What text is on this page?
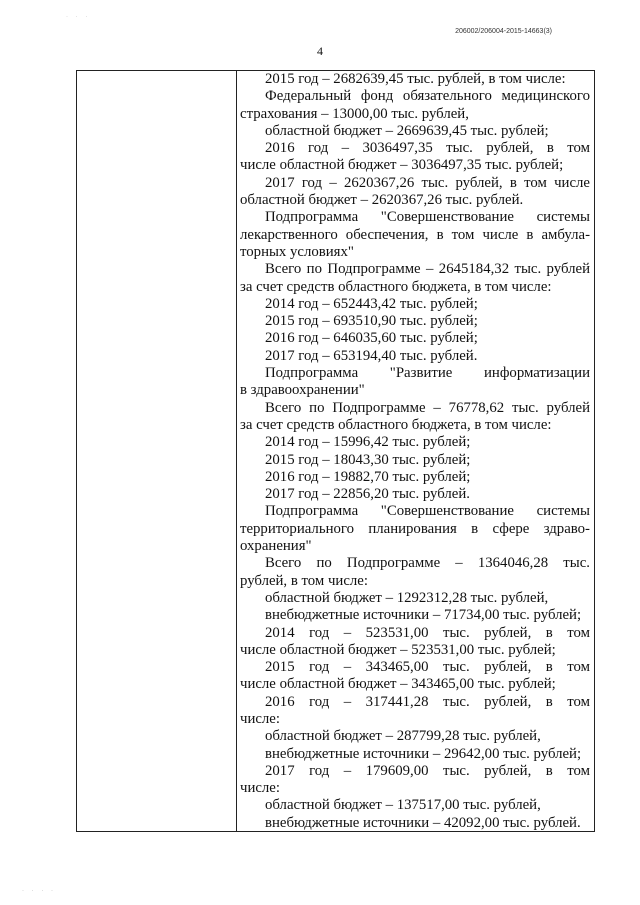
· · ·
206002/206004-2015-14663(3)
4
2015 год – 2682639,45 тыс. рублей, в том числе:
Федеральный фонд обязательного медицинского
страхования – 13000,00 тыс. рублей,
областной бюджет – 2669639,45 тыс. рублей;
2016 год – 3036497,35 тыс. рублей, в том
числе областной бюджет – 3036497,35 тыс. рублей;
2017 год – 2620367,26 тыс. рублей, в том числе
областной бюджет – 2620367,26 тыс. рублей.
Подпрограмма "Совершенствование системы
лекарственного обеспечения, в том числе в амбула-
торных условиях"
Всего по Подпрограмме – 2645184,32 тыс. рублей
за счет средств областного бюджета, в том числе:
2014 год – 652443,42 тыс. рублей;
2015 год – 693510,90 тыс. рублей;
2016 год – 646035,60 тыс. рублей;
2017 год – 653194,40 тыс. рублей.
Подпрограмма "Развитие информатизации
в здравоохранении"
Всего по Подпрограмме – 76778,62 тыс. рублей
за счет средств областного бюджета, в том числе:
2014 год – 15996,42 тыс. рублей;
2015 год – 18043,30 тыс. рублей;
2016 год – 19882,70 тыс. рублей;
2017 год – 22856,20 тыс. рублей.
Подпрограмма "Совершенствование системы
территориального планирования в сфере здраво-
охранения"
Всего по Подпрограмме – 1364046,28 тыс.
рублей, в том числе:
областной бюджет – 1292312,28 тыс. рублей,
внебюджетные источники – 71734,00 тыс. рублей;
2014 год – 523531,00 тыс. рублей, в том
числе областной бюджет – 523531,00 тыс. рублей;
2015 год – 343465,00 тыс. рублей, в том
числе областной бюджет – 343465,00 тыс. рублей;
2016 год – 317441,28 тыс. рублей, в том
числе:
областной бюджет – 287799,28 тыс. рублей,
внебюджетные источники – 29642,00 тыс. рублей;
2017 год – 179609,00 тыс. рублей, в том
числе:
областной бюджет – 137517,00 тыс. рублей,
внебюджетные источники – 42092,00 тыс. рублей.
· · · ·
